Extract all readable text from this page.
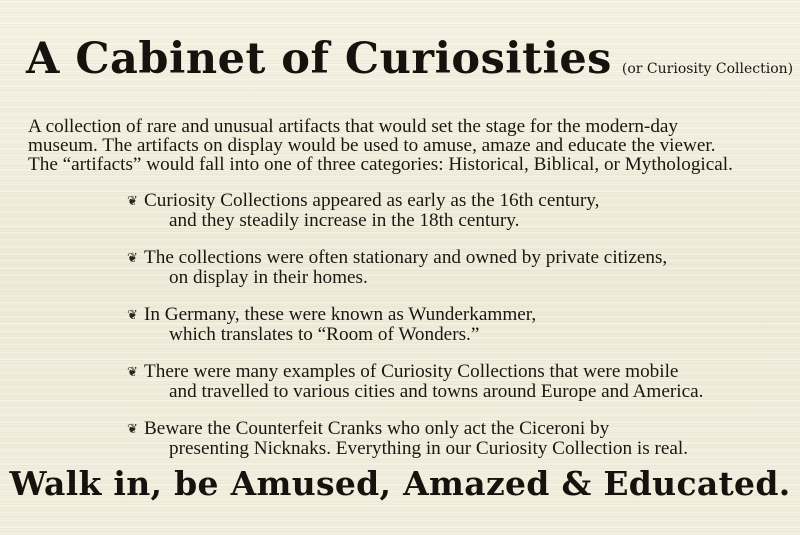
A Cabinet of Curiosities (or Curiosity Collection)

A collection of rare and unusual artifacts that would set the stage for the modern-day

museum. The artifacts on display would be used to amuse, amaze and educate the viewer.

The “artifacts” would fall into one of three categories: Historical, Biblical, or Mythological.

❦ Curiosity Collections appeared as early as the 16th century,
and they steadily increase in the 18th century.
❦ The collections were often stationary and owned by private citizens,
on display in their homes.
❦ In Germany, these were known as Wunderkammer,
which translates to “Room of Wonders.”
❦ There were many examples of Curiosity Collections that were mobile
and travelled to various cities and towns around Europe and America.
❦ Beware the Counterfeit Cranks who only act the Ciceroni by
presenting Nicknaks. Everything in our Curiosity Collection is real.
Walk in, be Amused, Amazed & Educated.
